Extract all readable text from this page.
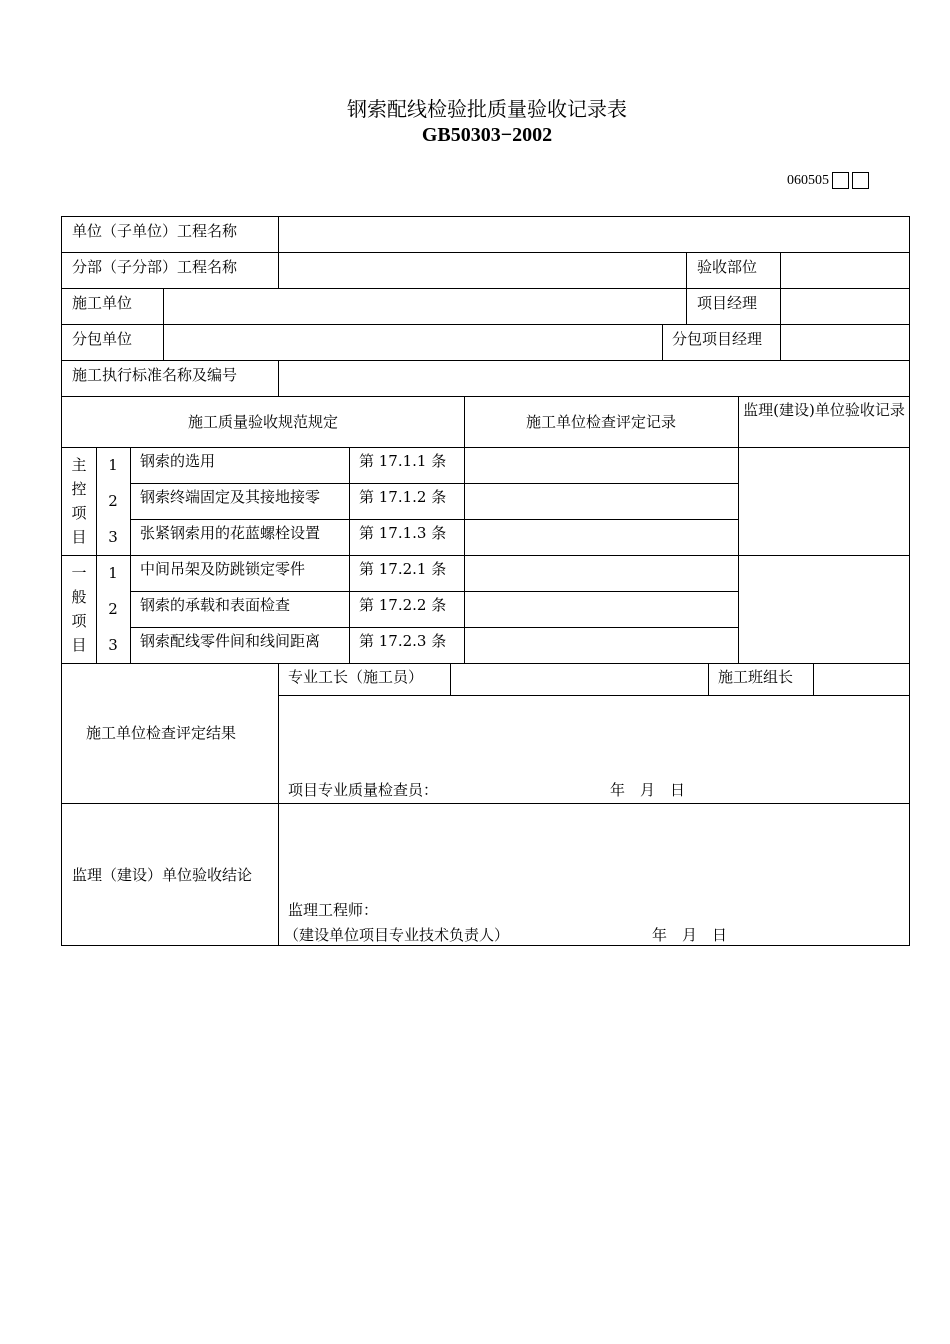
钢索配线检验批质量验收记录表
GB50303−2002
060505
单位（子单位）工程名称
分部（子分部）工程名称	验收部位
施工单位	项目经理
分包单位	分包项目经理
施工执行标准名称及编号
施工质量验收规范规定	施工单位检查评定记录
监理(建设)单位验收记录
主控项目
1	钢索的选用	第 17.1.1 条
2	钢索终端固定及其接地接零	第 17.1.2 条
3	张紧钢索用的花蓝螺栓设置	第 17.1.3 条
一般项目
1	中间吊架及防跳锁定零件	第 17.2.1 条
2	钢索的承载和表面检查	第 17.2.2 条
3	钢索配线零件间和线间距离	第 17.2.3 条
施工单位检查评定结果
专业工长（施工员）	施工班组长
项目专业质量检查员：	年　月　日
监理（建设）单位验收结论
监理工程师：
（建设单位项目专业技术负责人）	年　月　日
